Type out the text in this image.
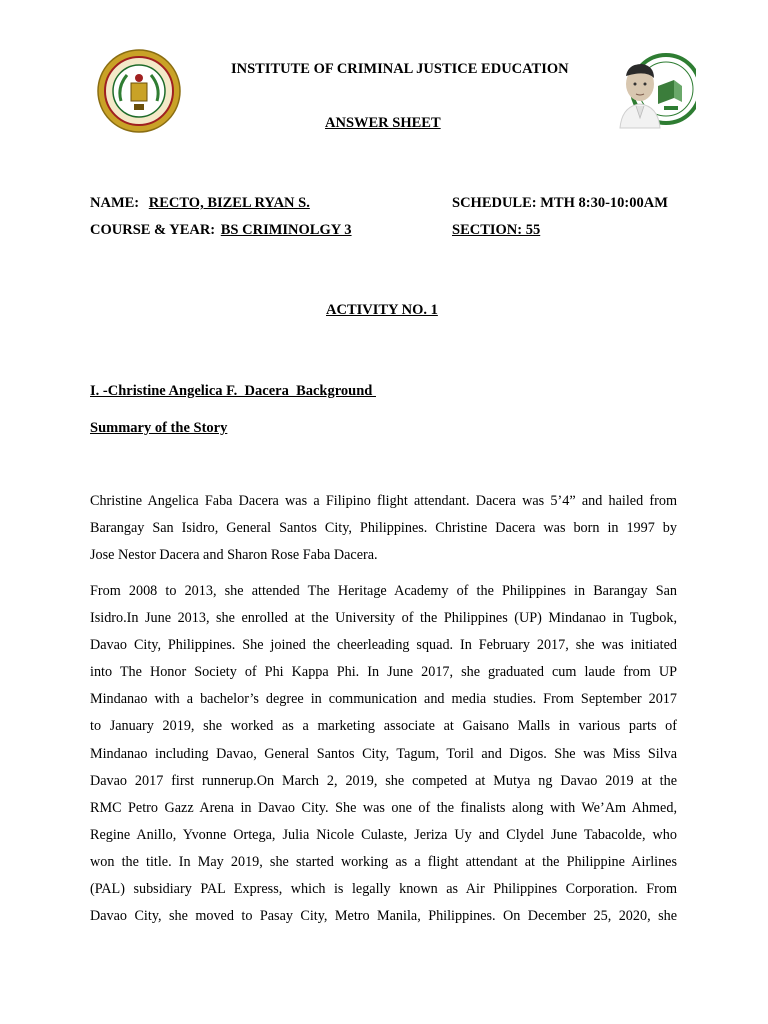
INSTITUTE OF CRIMINAL JUSTICE EDUCATION
ANSWER SHEET
NAME: RECTO, BIZEL RYAN S.
COURSE & YEAR: BS CRIMINOLGY 3
SCHEDULE: MTH 8:30-10:00AM
SECTION: 55
ACTIVITY NO. 1
I. -Christine Angelica F.  Dacera  Background
Summary of the Story
Christine Angelica Faba Dacera was a Filipino flight attendant. Dacera was 5’4” and hailed from
Barangay San Isidro, General Santos City, Philippines. Christine Dacera was born in 1997 by
Jose Nestor Dacera and Sharon Rose Faba Dacera.
From 2008 to 2013, she attended The Heritage Academy of the Philippines in Barangay San
Isidro.In June 2013, she enrolled at the University of the Philippines (UP) Mindanao in Tugbok,
Davao City, Philippines. She joined the cheerleading squad. In February 2017, she was initiated
into The Honor Society of Phi Kappa Phi. In June 2017, she graduated cum laude from UP
Mindanao with a bachelor’s degree in communication and media studies. From September 2017
to January 2019, she worked as a marketing associate at Gaisano Malls in various parts of
Mindanao including Davao, General Santos City, Tagum, Toril and Digos. She was Miss Silva
Davao 2017 first runnerup.On March 2, 2019, she competed at Mutya ng Davao 2019 at the
RMC Petro Gazz Arena in Davao City. She was one of the finalists along with We’Am Ahmed,
Regine Anillo, Yvonne Ortega, Julia Nicole Culaste, Jeriza Uy and Clydel June Tabacolde, who
won the title. In May 2019, she started working as a flight attendant at the Philippine Airlines
(PAL) subsidiary PAL Express, which is legally known as Air Philippines Corporation. From
Davao City, she moved to Pasay City, Metro Manila, Philippines. On December 25, 2020, she
